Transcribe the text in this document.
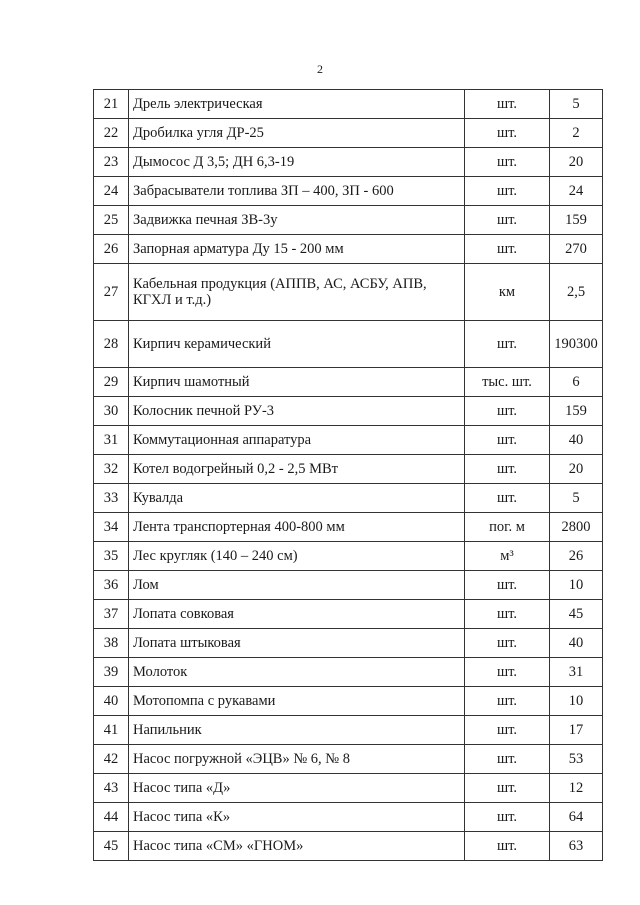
2
21	Дрель электрическая	шт.	5
22	Дробилка угля ДР-25	шт.	2
23	Дымосос Д 3,5; ДН 6,3-19	шт.	20
24	Забрасыватели топлива ЗП – 400, ЗП - 600	шт.	24
25	Задвижка печная ЗВ-3у	шт.	159
26	Запорная арматура Ду 15 - 200 мм	шт.	270
27	Кабельная продукция (АППВ, АС, АСБУ, АПВ, КГХЛ и т.д.)	км	2,5
28	Кирпич керамический	шт.	190300
29	Кирпич шамотный	тыс. шт.	6
30	Колосник печной РУ-3	шт.	159
31	Коммутационная аппаратура	шт.	40
32	Котел водогрейный 0,2 - 2,5 МВт	шт.	20
33	Кувалда	шт.	5
34	Лента транспортерная 400-800 мм	пог. м	2800
35	Лес кругляк (140 – 240 см)	м³	26
36	Лом	шт.	10
37	Лопата совковая	шт.	45
38	Лопата штыковая	шт.	40
39	Молоток	шт.	31
40	Мотопомпа с рукавами	шт.	10
41	Напильник	шт.	17
42	Насос погружной «ЭЦВ» № 6, № 8	шт.	53
43	Насос типа «Д»	шт.	12
44	Насос типа «К»	шт.	64
45	Насос типа «СМ» «ГНОМ»	шт.	63
